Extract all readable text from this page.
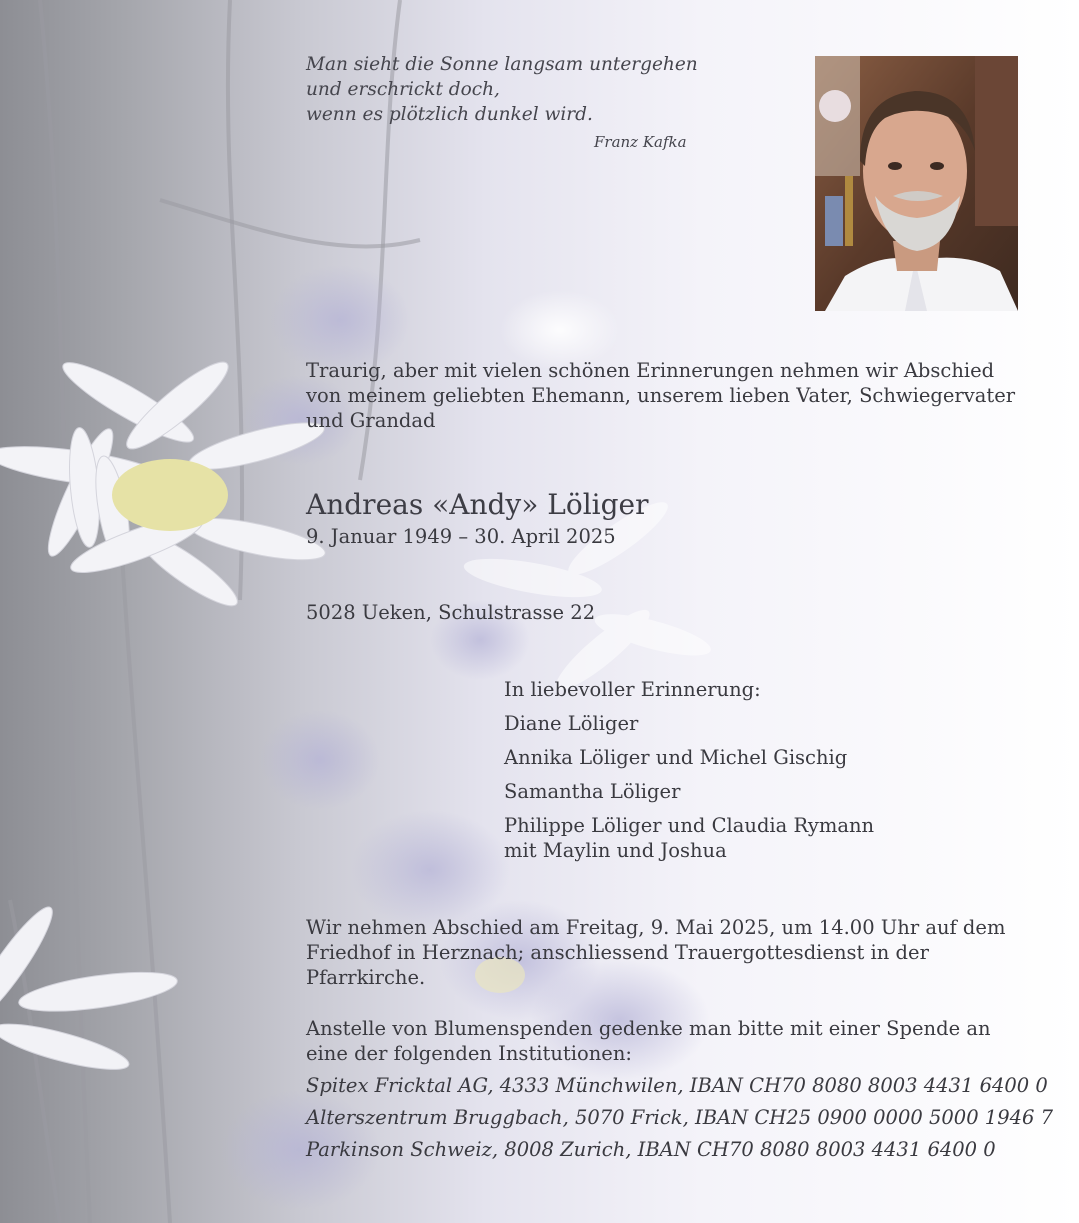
Man sieht die Sonne langsam untergehen
und erschrickt doch,
wenn es plötzlich dunkel wird.
Franz Kafka
Traurig, aber mit vielen schönen Erinnerungen nehmen wir Abschied
von meinem geliebten Ehemann, unserem lieben Vater, Schwiegervater
und Grandad
Andreas «Andy» Löliger
9. Januar 1949 – 30. April 2025
5028 Ueken, Schulstrasse 22
In liebevoller Erinnerung:
Diane Löliger
Annika Löliger und Michel Gischig
Samantha Löliger
Philippe Löliger und Claudia Rymann
mit Maylin und Joshua
Wir nehmen Abschied am Freitag, 9. Mai 2025, um 14.00 Uhr auf dem
Friedhof in Herznach; anschliessend Trauergottesdienst in der
Pfarrkirche.
Anstelle von Blumenspenden gedenke man bitte mit einer Spende an
eine der folgenden Institutionen:
Spitex Fricktal AG, 4333 Münchwilen, IBAN CH70 8080 8003 4431 6400 0
Alterszentrum Bruggbach, 5070 Frick, IBAN CH25 0900 0000 5000 1946 7
Parkinson Schweiz, 8008 Zurich, IBAN CH70 8080 8003 4431 6400 0
